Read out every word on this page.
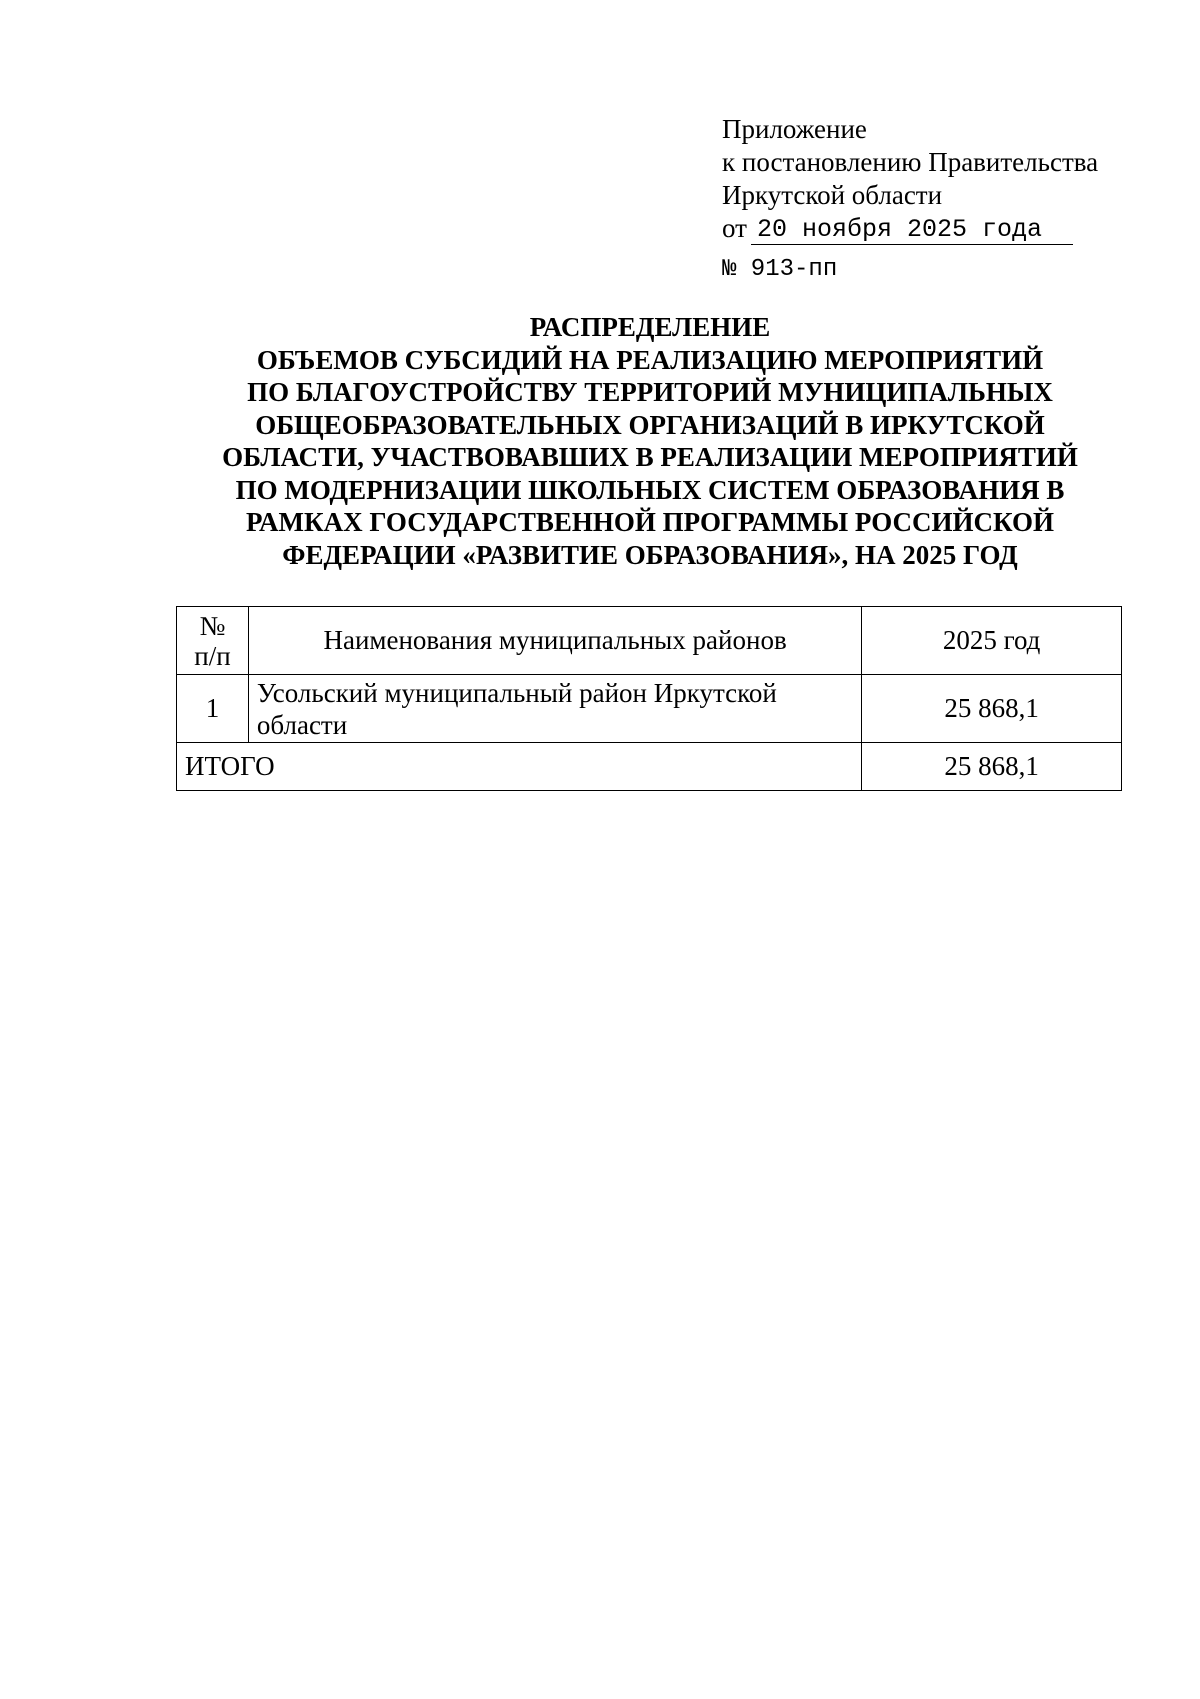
Приложение
к постановлению Правительства
Иркутской области
от 20 ноября 2025 года
№ 913-пп
РАСПРЕДЕЛЕНИЕ
ОБЪЕМОВ СУБСИДИЙ НА РЕАЛИЗАЦИЮ МЕРОПРИЯТИЙ
ПО БЛАГОУСТРОЙСТВУ ТЕРРИТОРИЙ МУНИЦИПАЛЬНЫХ
ОБЩЕОБРАЗОВАТЕЛЬНЫХ ОРГАНИЗАЦИЙ В ИРКУТСКОЙ
ОБЛАСТИ, УЧАСТВОВАВШИХ В РЕАЛИЗАЦИИ МЕРОПРИЯТИЙ
ПО МОДЕРНИЗАЦИИ ШКОЛЬНЫХ СИСТЕМ ОБРАЗОВАНИЯ В
РАМКАХ ГОСУДАРСТВЕННОЙ ПРОГРАММЫ РОССИЙСКОЙ
ФЕДЕРАЦИИ «РАЗВИТИЕ ОБРАЗОВАНИЯ», НА 2025 ГОД
№
п/п	Наименования муниципальных районов	2025 год
1	Усольский муниципальный район Иркутской
области	25 868,1
ИТОГО		25 868,1
